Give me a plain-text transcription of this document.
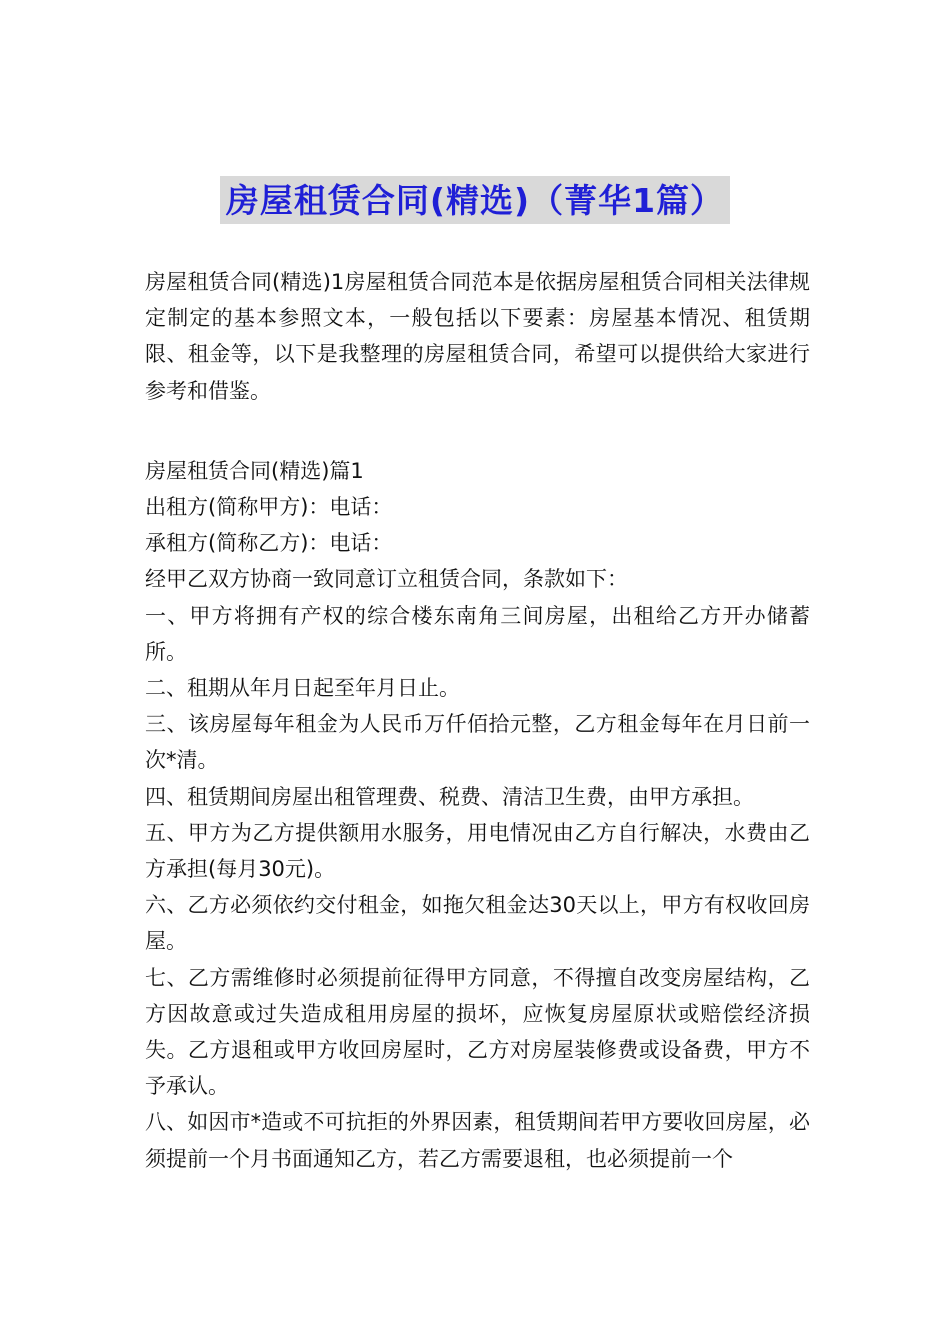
房屋租赁合同(精选)（菁华1篇）

房屋租赁合同(精选)1房屋租赁合同范本是依据房屋租赁合同相关法律规定制定的基本参照文本，一般包括以下要素：房屋基本情况、租赁期限、租金等，以下是我整理的房屋租赁合同，希望可以提供给大家进行参考和借鉴。

房屋租赁合同(精选)篇1

出租方(简称甲方)：电话：

承租方(简称乙方)：电话：

经甲乙双方协商一致同意订立租赁合同，条款如下：

一、甲方将拥有产权的综合楼东南角三间房屋，出租给乙方开办储蓄所。

二、租期从年月日起至年月日止。

三、该房屋每年租金为人民币万仟佰拾元整，乙方租金每年在月日前一次*清。

四、租赁期间房屋出租管理费、税费、清洁卫生费，由甲方承担。

五、甲方为乙方提供额用水服务，用电情况由乙方自行解决，水费由乙方承担(每月30元)。

六、乙方必须依约交付租金，如拖欠租金达30天以上，甲方有权收回房屋。

七、乙方需维修时必须提前征得甲方同意，不得擅自改变房屋结构，乙方因故意或过失造成租用房屋的损坏，应恢复房屋原状或赔偿经济损失。乙方退租或甲方收回房屋时，乙方对房屋装修费或设备费，甲方不予承认。

八、如因市*造或不可抗拒的外界因素，租赁期间若甲方要收回房屋，必须提前一个月书面通知乙方，若乙方需要退租，也必须提前一个
